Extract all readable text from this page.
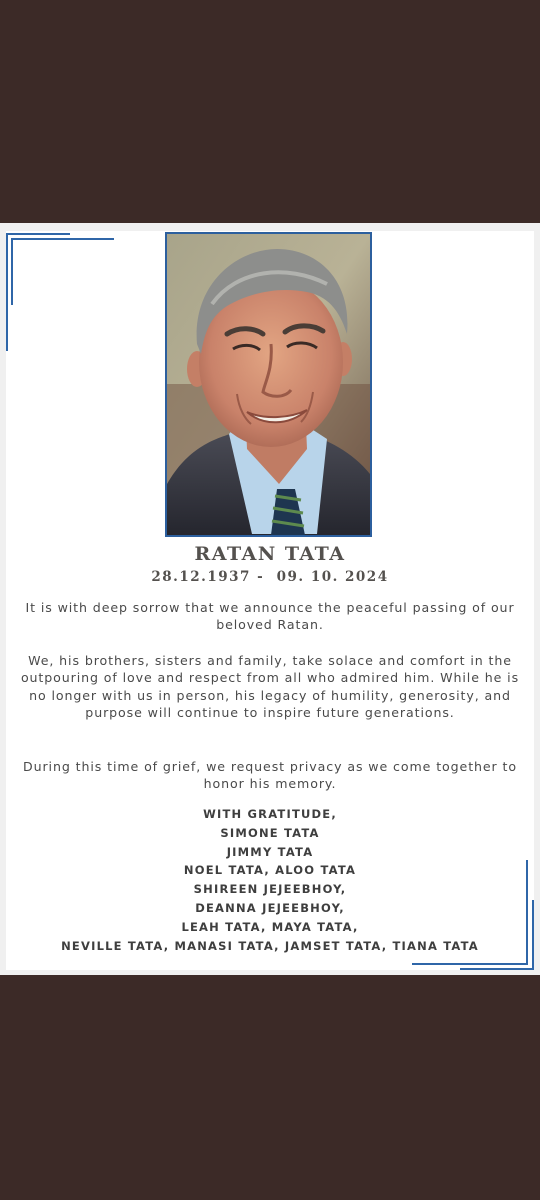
RATAN TATA
28.12.1937 -  09. 10. 2024

It is with deep sorrow that we announce the peaceful passing of our beloved Ratan.

We, his brothers, sisters and family, take solace and comfort in the outpouring of love and respect from all who admired him. While he is no longer with us in person, his legacy of humility, generosity, and purpose will continue to inspire future generations.

During this time of grief, we request privacy as we come together to honor his memory.

WITH GRATITUDE,
SIMONE TATA
JIMMY TATA
NOEL TATA, ALOO TATA
SHIREEN JEJEEBHOY,
DEANNA JEJEEBHOY,
LEAH TATA, MAYA TATA,
NEVILLE TATA, MANASI TATA, JAMSET TATA, TIANA TATA
